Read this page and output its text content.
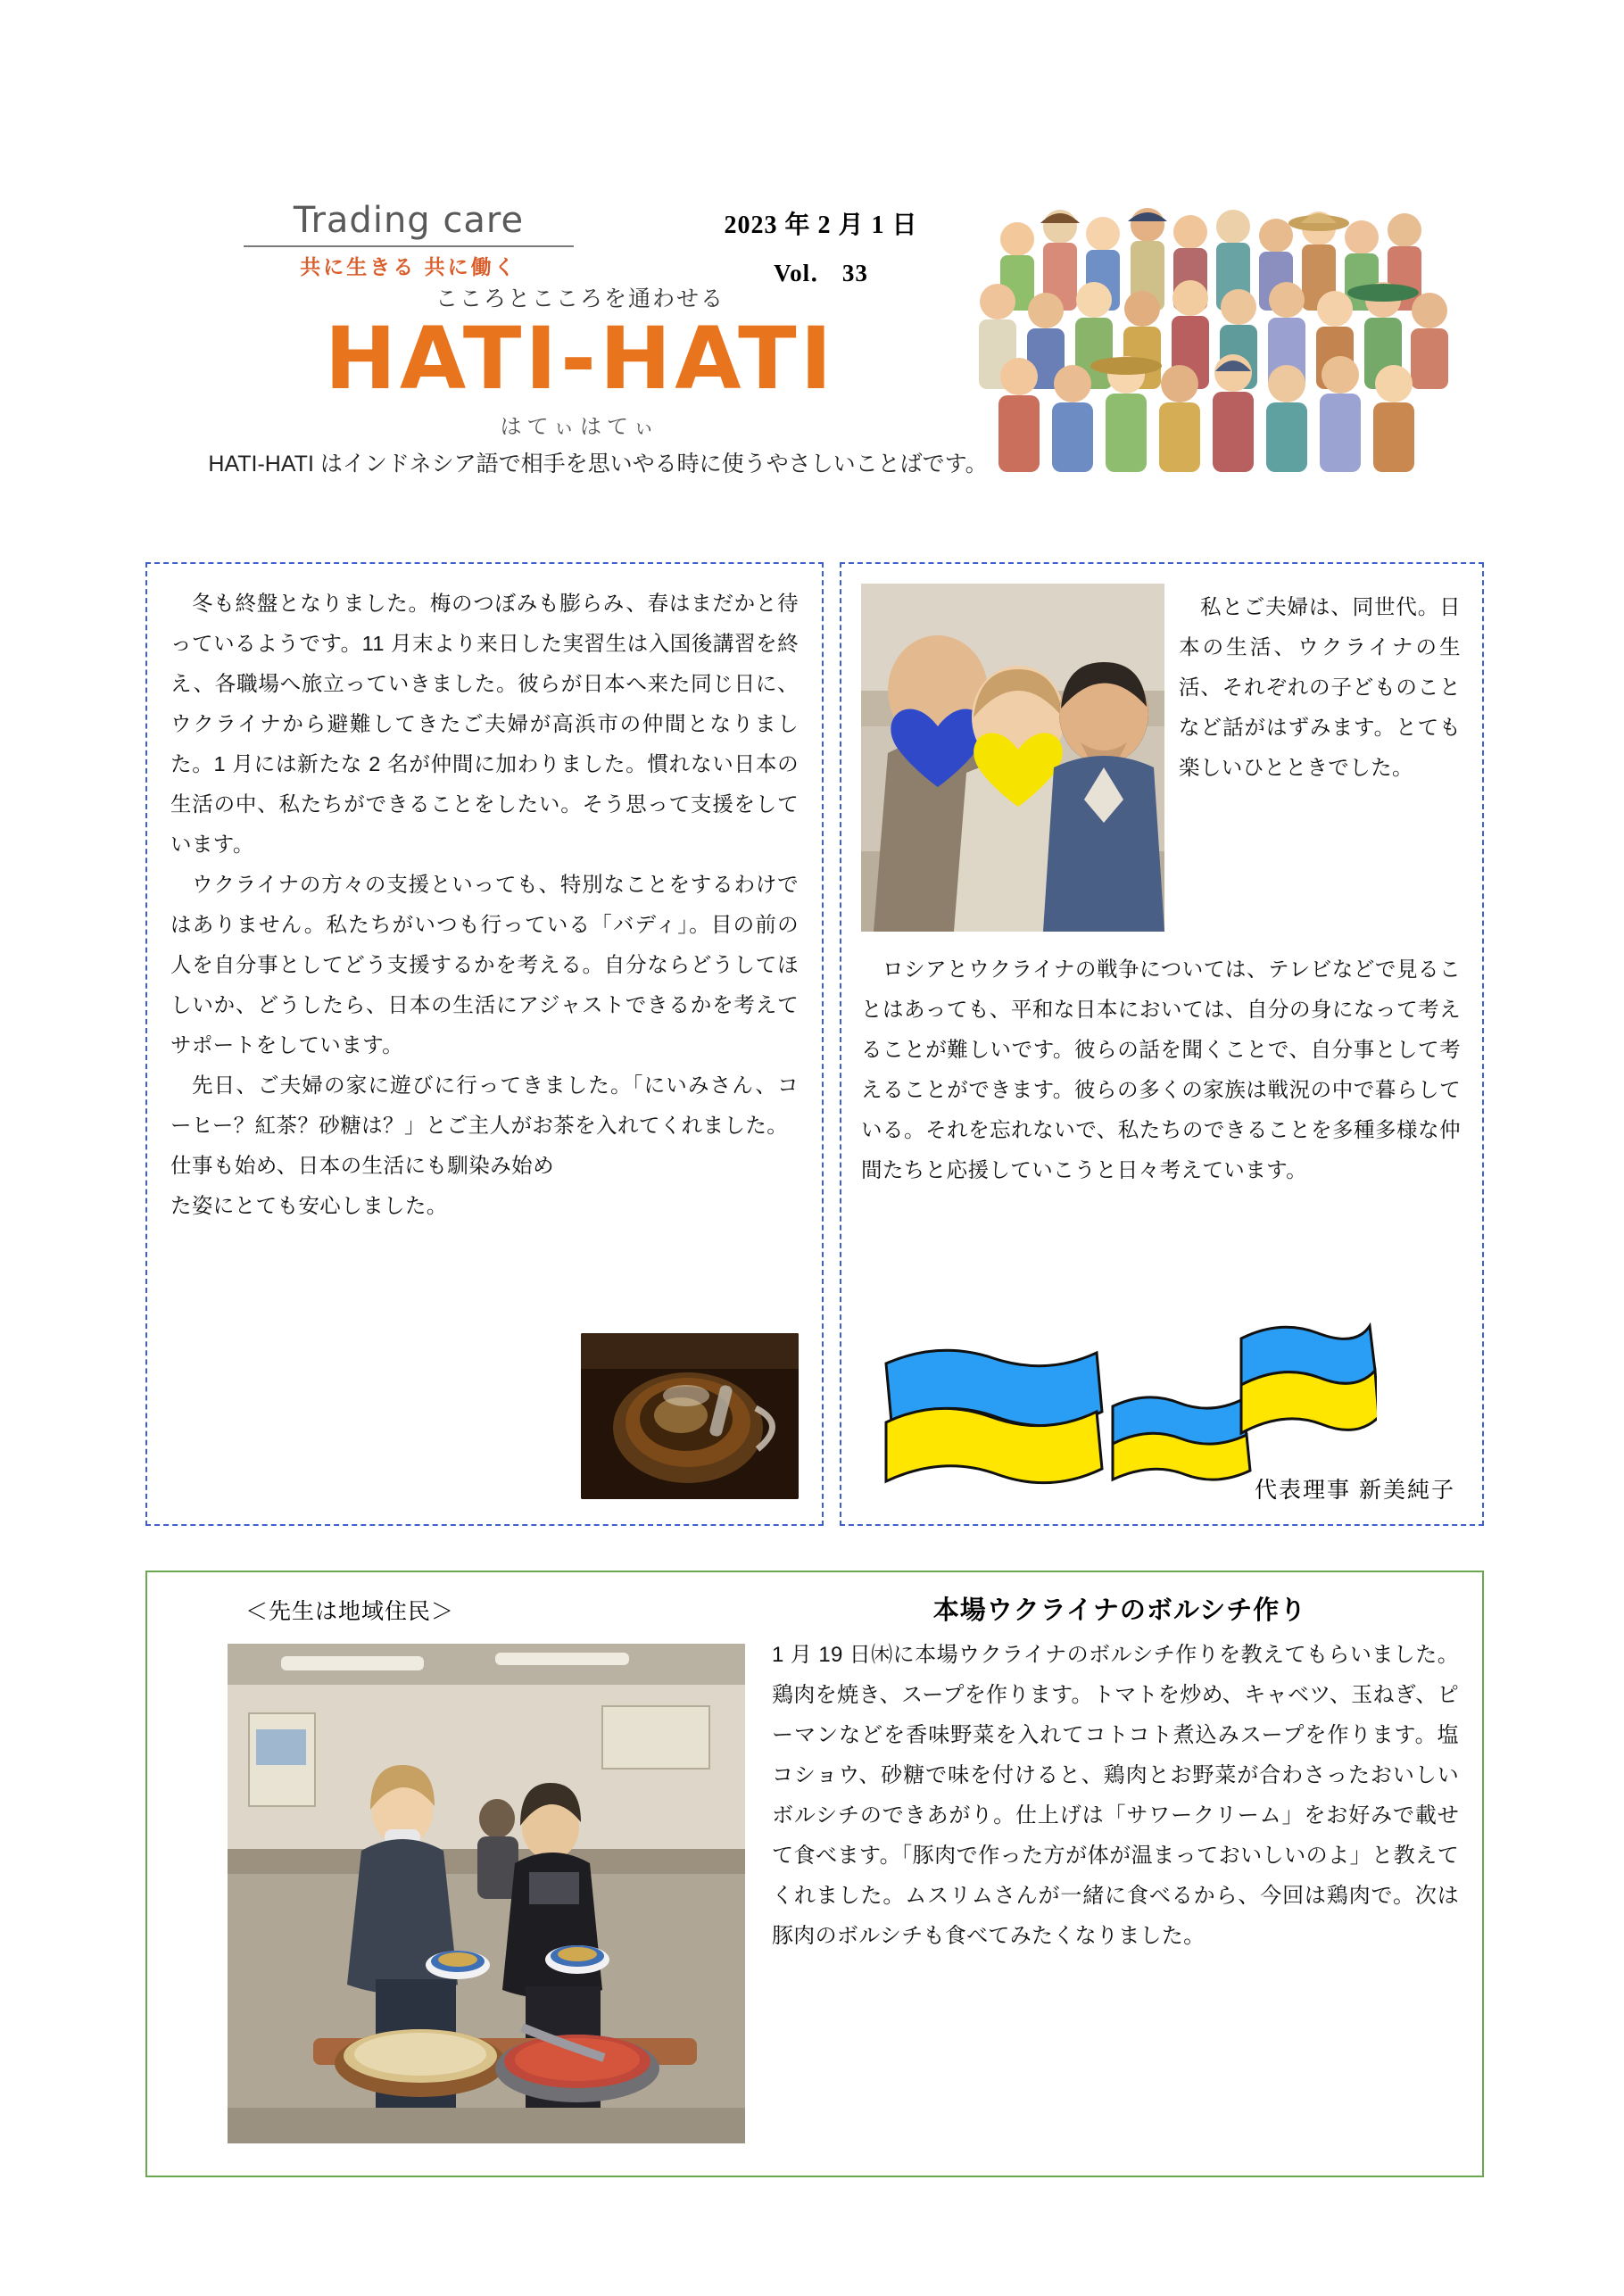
Trading care
共に生きる 共に働く
2023 年 2 月 1 日
Vol． 33
こころとこころを通わせる
HATI-HATI
はてぃはてぃ
HATI-HATI はインドネシア語で相手を思いやる時に使うやさしいことばです。
冬も終盤となりました。梅のつぼみも膨らみ、春はまだかと待っているようです。11 月末より来日した実習生は入国後講習を終え、各職場へ旅立っていきました。彼らが日本へ来た同じ日に、ウクライナから避難してきたご夫婦が高浜市の仲間となりました。1 月には新たな 2 名が仲間に加わりました。慣れない日本の生活の中、私たちができることをしたい。そう思って支援をしています。
ウクライナの方々の支援といっても、特別なことをするわけではありません。私たちがいつも行っている「バディ」。目の前の人を自分事としてどう支援するかを考える。自分ならどうしてほしいか、どうしたら、日本の生活にアジャストできるかを考えてサポートをしています。
先日、ご夫婦の家に遊びに行ってきました。「にいみさん、コーヒー？紅茶？砂糖は？」とご主人がお茶を入れてくれました。
仕事も始め、日本の生活にも馴染み始めた姿にとても安心しました。
私とご夫婦は、同世代。日本の生活、ウクライナの生活、それぞれの子どものことなど話がはずみます。とても楽しいひとときでした。
ロシアとウクライナの戦争については、テレビなどで見ることはあっても、平和な日本においては、自分の身になって考えることが難しいです。彼らの話を聞くことで、自分事として考えることができます。彼らの多くの家族は戦況の中で暮らしている。それを忘れないで、私たちのできることを多種多様な仲間たちと応援していこうと日々考えています。
代表理事 新美純子
＜先生は地域住民＞	本場ウクライナのボルシチ作り
1 月 19 日㈭に本場ウクライナのボルシチ作りを教えてもらいました。鶏肉を焼き、スープを作ります。トマトを炒め、キャベツ、玉ねぎ、ピーマンなどを香味野菜を入れてコトコト煮込みスープを作ります。塩コショウ、砂糖で味を付けると、鶏肉とお野菜が合わさったおいしいボルシチのできあがり。仕上げは「サワークリーム」をお好みで載せて食べます。「豚肉で作った方が体が温まっておいしいのよ」と教えてくれました。ムスリムさんが一緒に食べるから、今回は鶏肉で。次は豚肉のボルシチも食べてみたくなりました。
